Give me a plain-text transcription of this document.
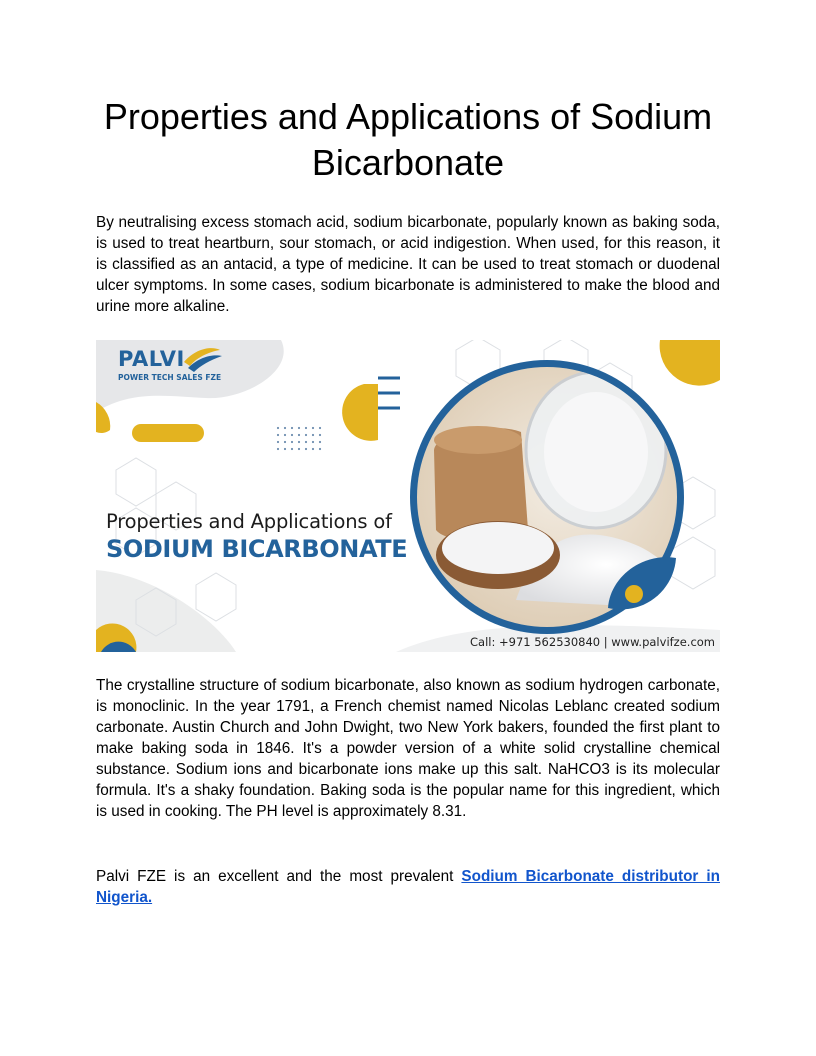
Properties and Applications of Sodium Bicarbonate

By neutralising excess stomach acid, sodium bicarbonate, popularly known as baking soda, is used to treat heartburn, sour stomach, or acid indigestion. When used, for this reason, it is classified as an antacid, a type of medicine. It can be used to treat stomach or duodenal ulcer symptoms. In some cases, sodium bicarbonate is administered to make the blood and urine more alkaline.

PALVI
POWER TECH SALES FZE
Properties and Applications of
SODIUM BICARBONATE
Call: +971 562530840 | www.palvifze.com

The crystalline structure of sodium bicarbonate, also known as sodium hydrogen carbonate, is monoclinic. In the year 1791, a French chemist named Nicolas Leblanc created sodium carbonate. Austin Church and John Dwight, two New York bakers, founded the first plant to make baking soda in 1846. It's a powder version of a white solid crystalline chemical substance. Sodium ions and bicarbonate ions make up this salt. NaHCO3 is its molecular formula. It's a shaky foundation. Baking soda is the popular name for this ingredient, which is used in cooking. The PH level is approximately 8.31.

Palvi FZE is an excellent and the most prevalent Sodium Bicarbonate distributor in Nigeria.
